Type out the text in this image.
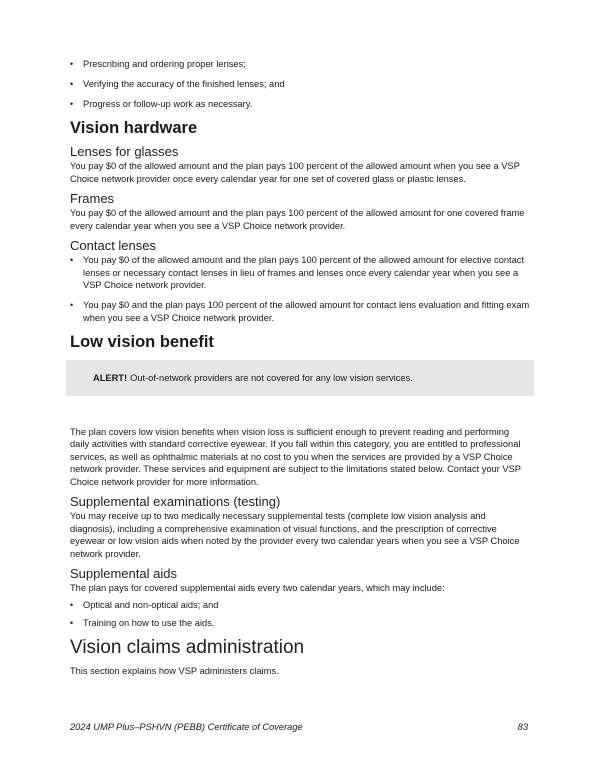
• Prescribing and ordering proper lenses;
• Verifying the accuracy of the finished lenses; and
• Progress or follow-up work as necessary.
Vision hardware
Lenses for glasses

You pay $0 of the allowed amount and the plan pays 100 percent of the allowed amount when you see a VSP Choice network provider once every calendar year for one set of covered glass or plastic lenses.

Frames

You pay $0 of the allowed amount and the plan pays 100 percent of the allowed amount for one covered frame every calendar year when you see a VSP Choice network provider.

Contact lenses
• You pay $0 of the allowed amount and the plan pays 100 percent of the allowed amount for elective contact lenses or necessary contact lenses in lieu of frames and lenses once every calendar year when you see a VSP Choice network provider.
• You pay $0 and the plan pays 100 percent of the allowed amount for contact lens evaluation and fitting exam when you see a VSP Choice network provider.
Low vision benefit
ALERT! Out-of-network providers are not covered for any low vision services.

The plan covers low vision benefits when vision loss is sufficient enough to prevent reading and performing daily activities with standard corrective eyewear. If you fall within this category, you are entitled to professional services, as well as ophthalmic materials at no cost to you when the services are provided by a VSP Choice network provider. These services and equipment are subject to the limitations stated below. Contact your VSP Choice network provider for more information.

Supplemental examinations (testing)

You may receive up to two medically necessary supplemental tests (complete low vision analysis and diagnosis), including a comprehensive examination of visual functions, and the prescription of corrective eyewear or low vision aids when noted by the provider every two calendar years when you see a VSP Choice network provider.

Supplemental aids

The plan pays for covered supplemental aids every two calendar years, which may include:

• Optical and non-optical aids; and
• Training on how to use the aids.
Vision claims administration

This section explains how VSP administers claims.

2024 UMP Plus–PSHVN (PEBB) Certificate of Coverage	83
